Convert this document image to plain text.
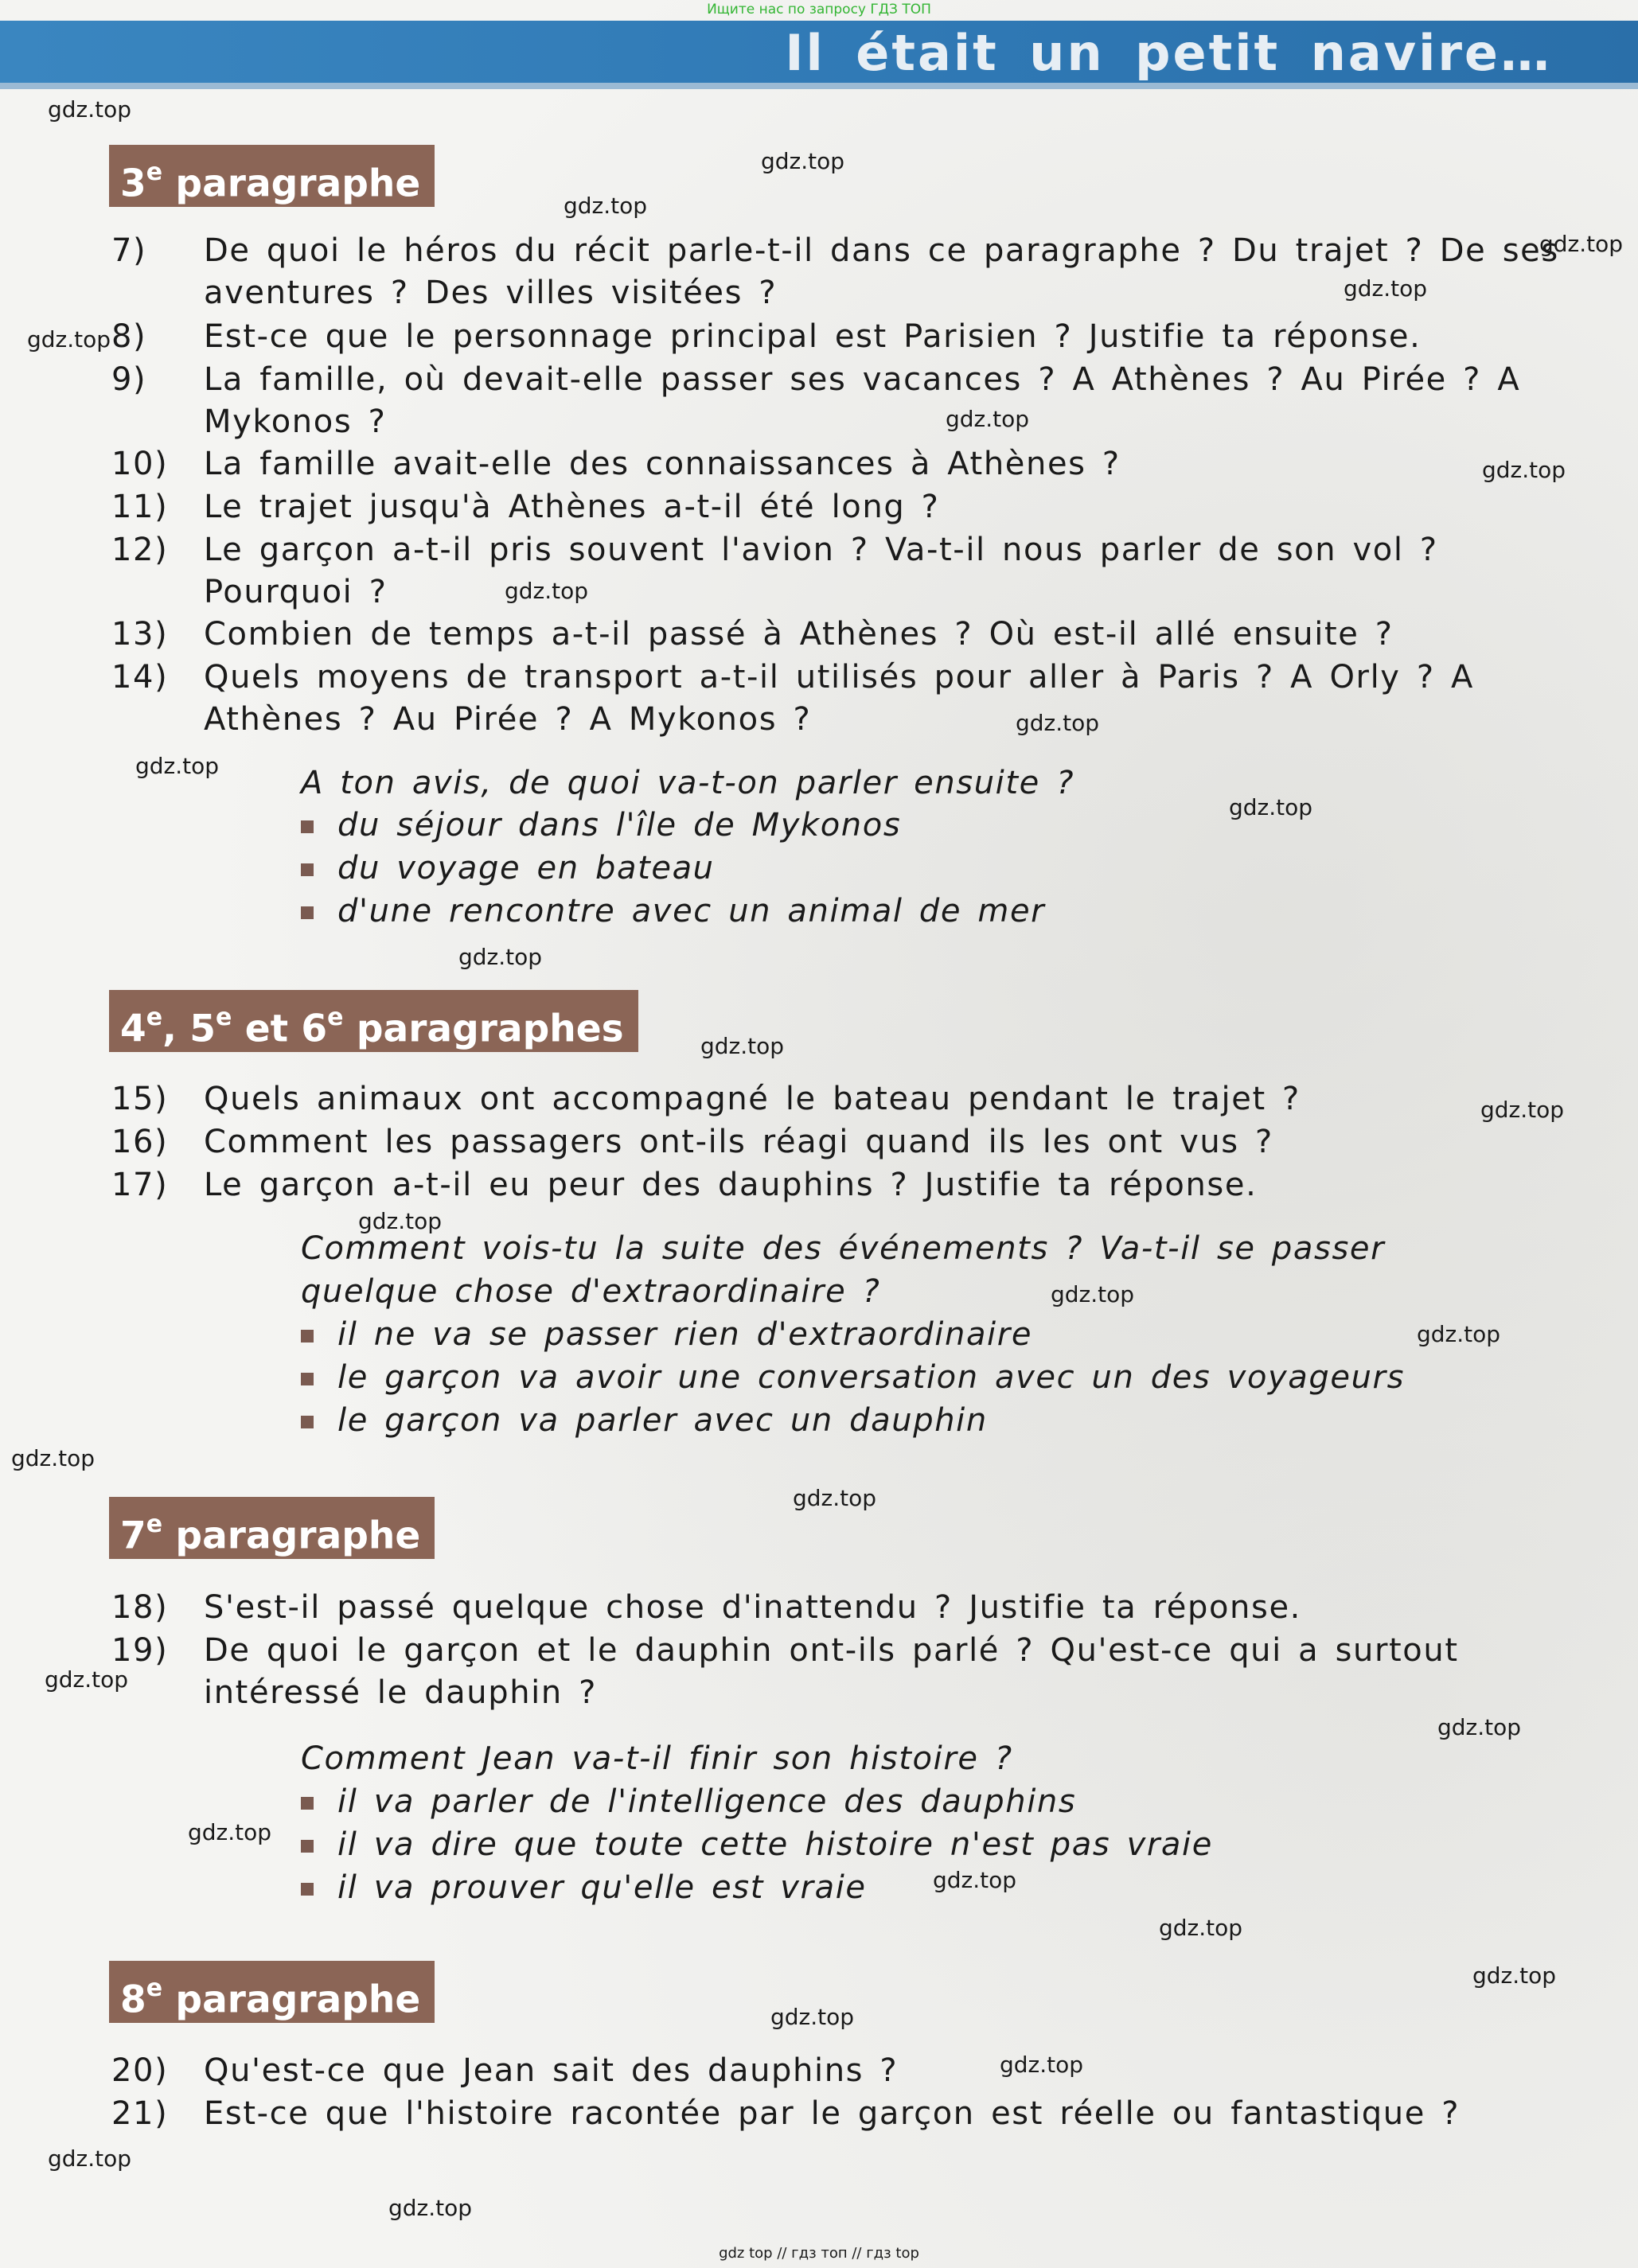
Ищите нас по запросу ГДЗ ТОП
Il était un petit navire…
3e paragraphe
7) De quoi le héros du récit parle-t-il dans ce paragraphe ? Du trajet ? De ses aventures ? Des villes visitées ?
8) Est-ce que le personnage principal est Parisien ? Justifie ta réponse.
9) La famille, où devait-elle passer ses vacances ? A Athènes ? Au Pirée ? A Mykonos ?
10) La famille avait-elle des connaissances à Athènes ?
11) Le trajet jusqu'à Athènes a-t-il été long ?
12) Le garçon a-t-il pris souvent l'avion ? Va-t-il nous parler de son vol ? Pourquoi ?
13) Combien de temps a-t-il passé à Athènes ? Où est-il allé ensuite ?
14) Quels moyens de transport a-t-il utilisés pour aller à Paris ? A Orly ? A Athènes ? Au Pirée ? A Mykonos ?
A ton avis, de quoi va-t-on parler ensuite ?
du séjour dans l'île de Mykonos
du voyage en bateau
d'une rencontre avec un animal de mer
4e, 5e et 6e paragraphes
15) Quels animaux ont accompagné le bateau pendant le trajet ?
16) Comment les passagers ont-ils réagi quand ils les ont vus ?
17) Le garçon a-t-il eu peur des dauphins ? Justifie ta réponse.
Comment vois-tu la suite des événements ? Va-t-il se passer
quelque chose d'extraordinaire ?
il ne va se passer rien d'extraordinaire
le garçon va avoir une conversation avec un des voyageurs
le garçon va parler avec un dauphin
7e paragraphe
18) S'est-il passé quelque chose d'inattendu ? Justifie ta réponse.
19) De quoi le garçon et le dauphin ont-ils parlé ? Qu'est-ce qui a surtout intéressé le dauphin ?
Comment Jean va-t-il finir son histoire ?
il va parler de l'intelligence des dauphins
il va dire que toute cette histoire n'est pas vraie
il va prouver qu'elle est vraie
8e paragraphe
20) Qu'est-ce que Jean sait des dauphins ?
21) Est-ce que l'histoire racontée par le garçon est réelle ou fantastique ?
gdz.top
gdz.top
gdz.top
gdz.top
gdz.top
gdz.top
gdz.top
gdz.top
gdz.top
gdz.top
gdz.top
gdz.top
gdz.top
gdz.top
gdz.top
gdz.top
gdz.top
gdz.top
gdz.top
gdz.top
gdz.top
gdz.top
gdz.top
gdz.top
gdz.top
gdz.top
gdz.top
gdz.top
gdz.top
gdz.top
gdz top // гдз топ // гдз top
